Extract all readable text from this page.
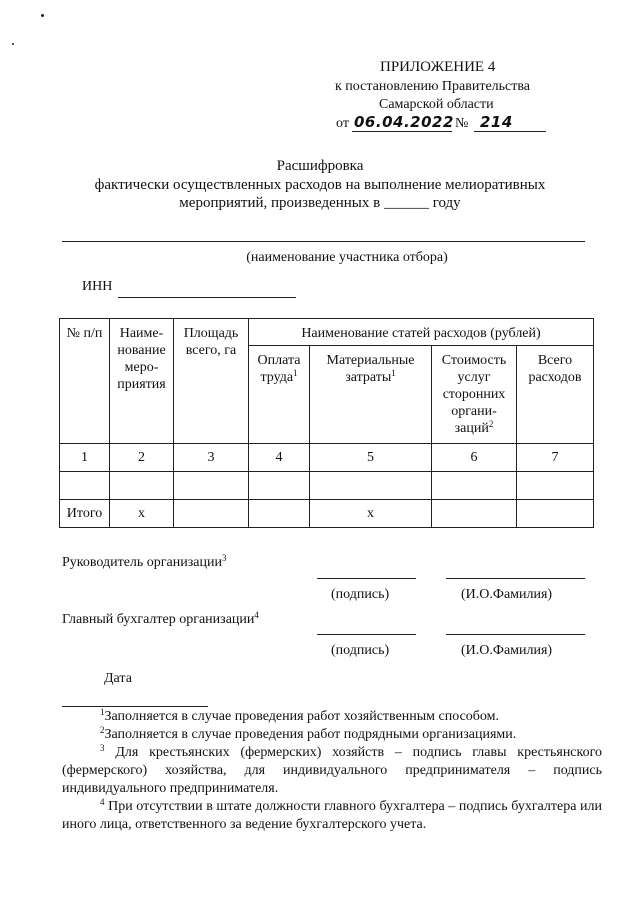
ПРИЛОЖЕНИЕ 4
к постановлению Правительства
Самарской области
от 06.04.2022 № 214
Расшифровка
фактически осуществленных расходов на выполнение мелиоративных
мероприятий, произведенных в ______ году
(наименование участника отбора)
ИНН
№ п/п	Наиме-нование меро-приятия	Площадь всего, га	Наименование статей расходов (рублей)			
			Оплата труда$^1$	Материальные затраты$^1$	Стоимость услуг сторонних органи-заций$^2$	Всего расходов
1	2	3	4	5	6	7

Итого	x			x		
Руководитель организации$^3$
(подпись)	(И.О.Фамилия)
Главный бухгалтер организации$^4$
(подпись)	(И.О.Фамилия)
Дата
$^1$Заполняется в случае проведения работ хозяйственным способом.
$^2$Заполняется в случае проведения работ подрядными организациями.
$^3$ Для крестьянских (фермерских) хозяйств – подпись главы крестьянского (фермерского) хозяйства, для индивидуального предпринимателя – подпись индивидуального предпринимателя.
$^4$ При отсутствии в штате должности главного бухгалтера – подпись бухгалтера или иного лица, ответственного за ведение бухгалтерского учета.
